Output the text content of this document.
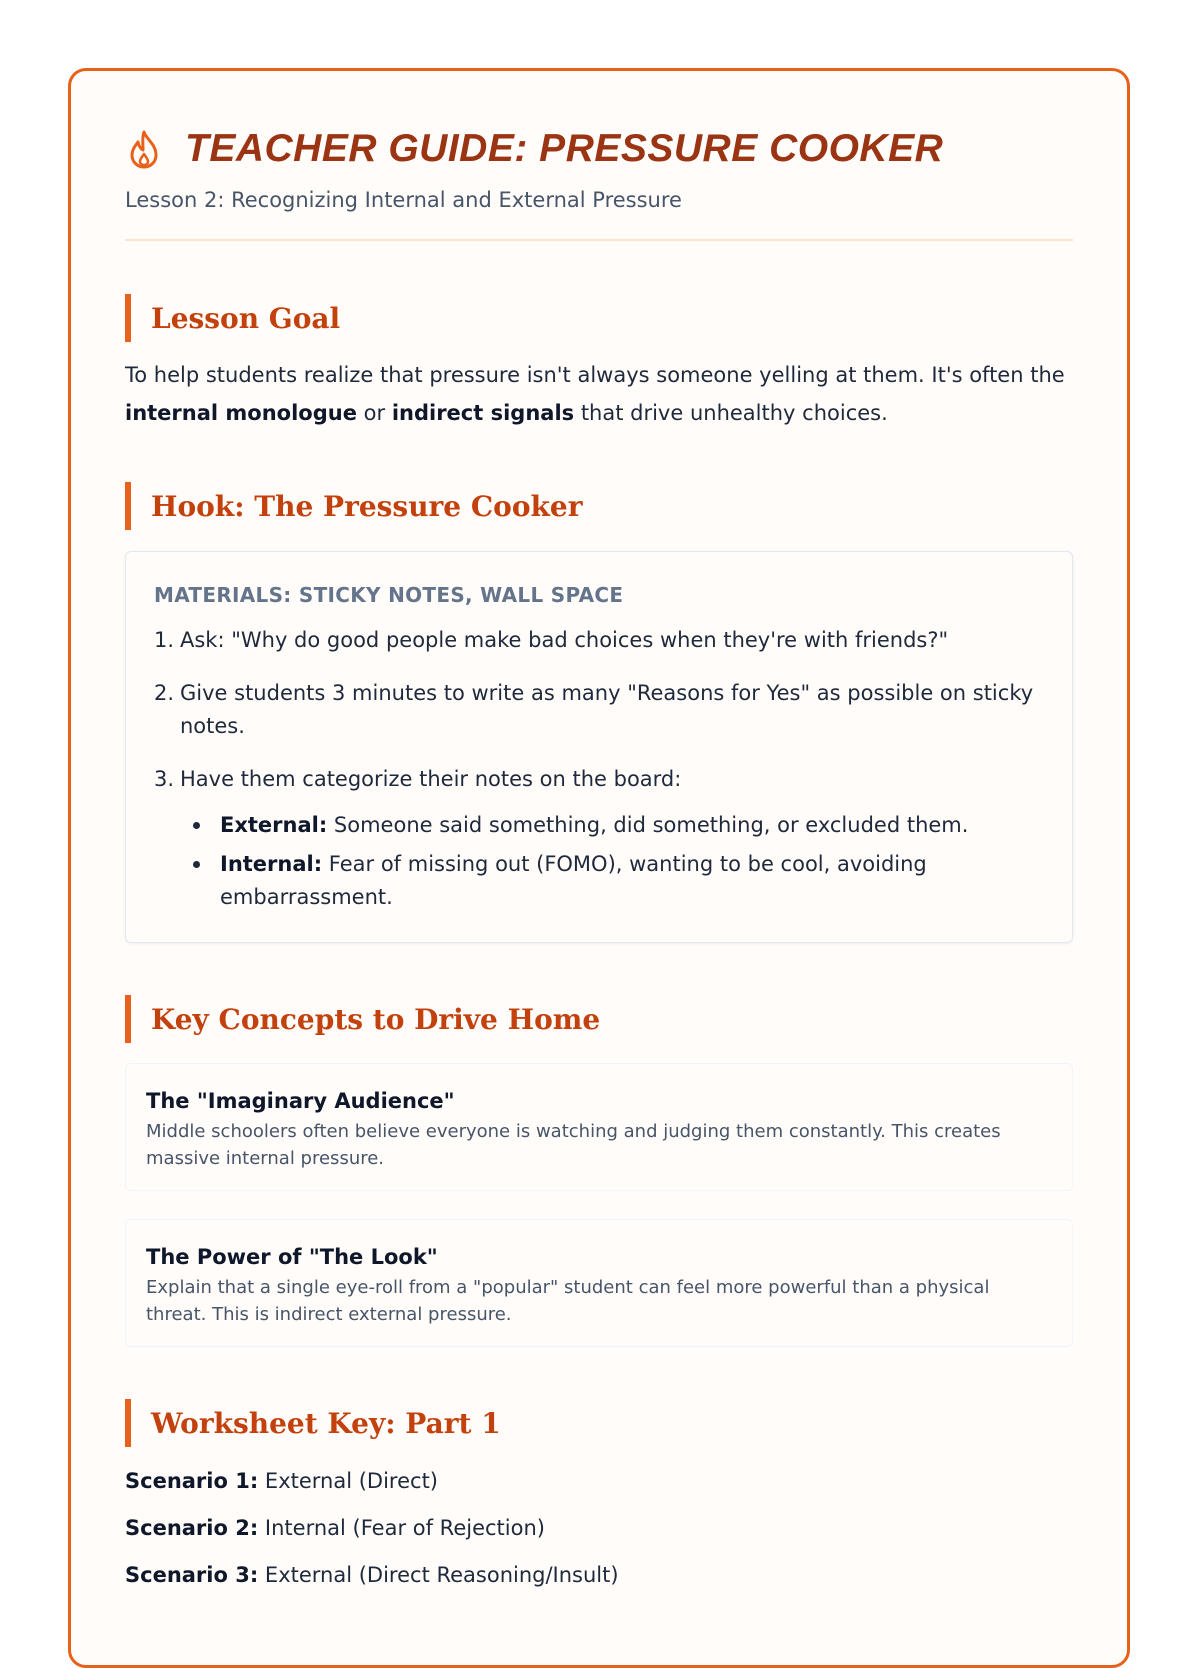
TEACHER GUIDE: PRESSURE COOKER
Lesson 2: Recognizing Internal and External Pressure
Lesson Goal
To help students realize that pressure isn't always someone yelling at them. It's often the internal monologue or indirect signals that drive unhealthy choices.
Hook: The Pressure Cooker
MATERIALS: STICKY NOTES, WALL SPACE
1. Ask: "Why do good people make bad choices when they're with friends?"
2. Give students 3 minutes to write as many "Reasons for Yes" as possible on sticky notes.
3. Have them categorize their notes on the board:
External: Someone said something, did something, or excluded them.
Internal: Fear of missing out (FOMO), wanting to be cool, avoiding embarrassment.
Key Concepts to Drive Home
The "Imaginary Audience"
Middle schoolers often believe everyone is watching and judging them constantly. This creates massive internal pressure.
The Power of "The Look"
Explain that a single eye-roll from a "popular" student can feel more powerful than a physical threat. This is indirect external pressure.
Worksheet Key: Part 1
Scenario 1: External (Direct)
Scenario 2: Internal (Fear of Rejection)
Scenario 3: External (Direct Reasoning/Insult)
